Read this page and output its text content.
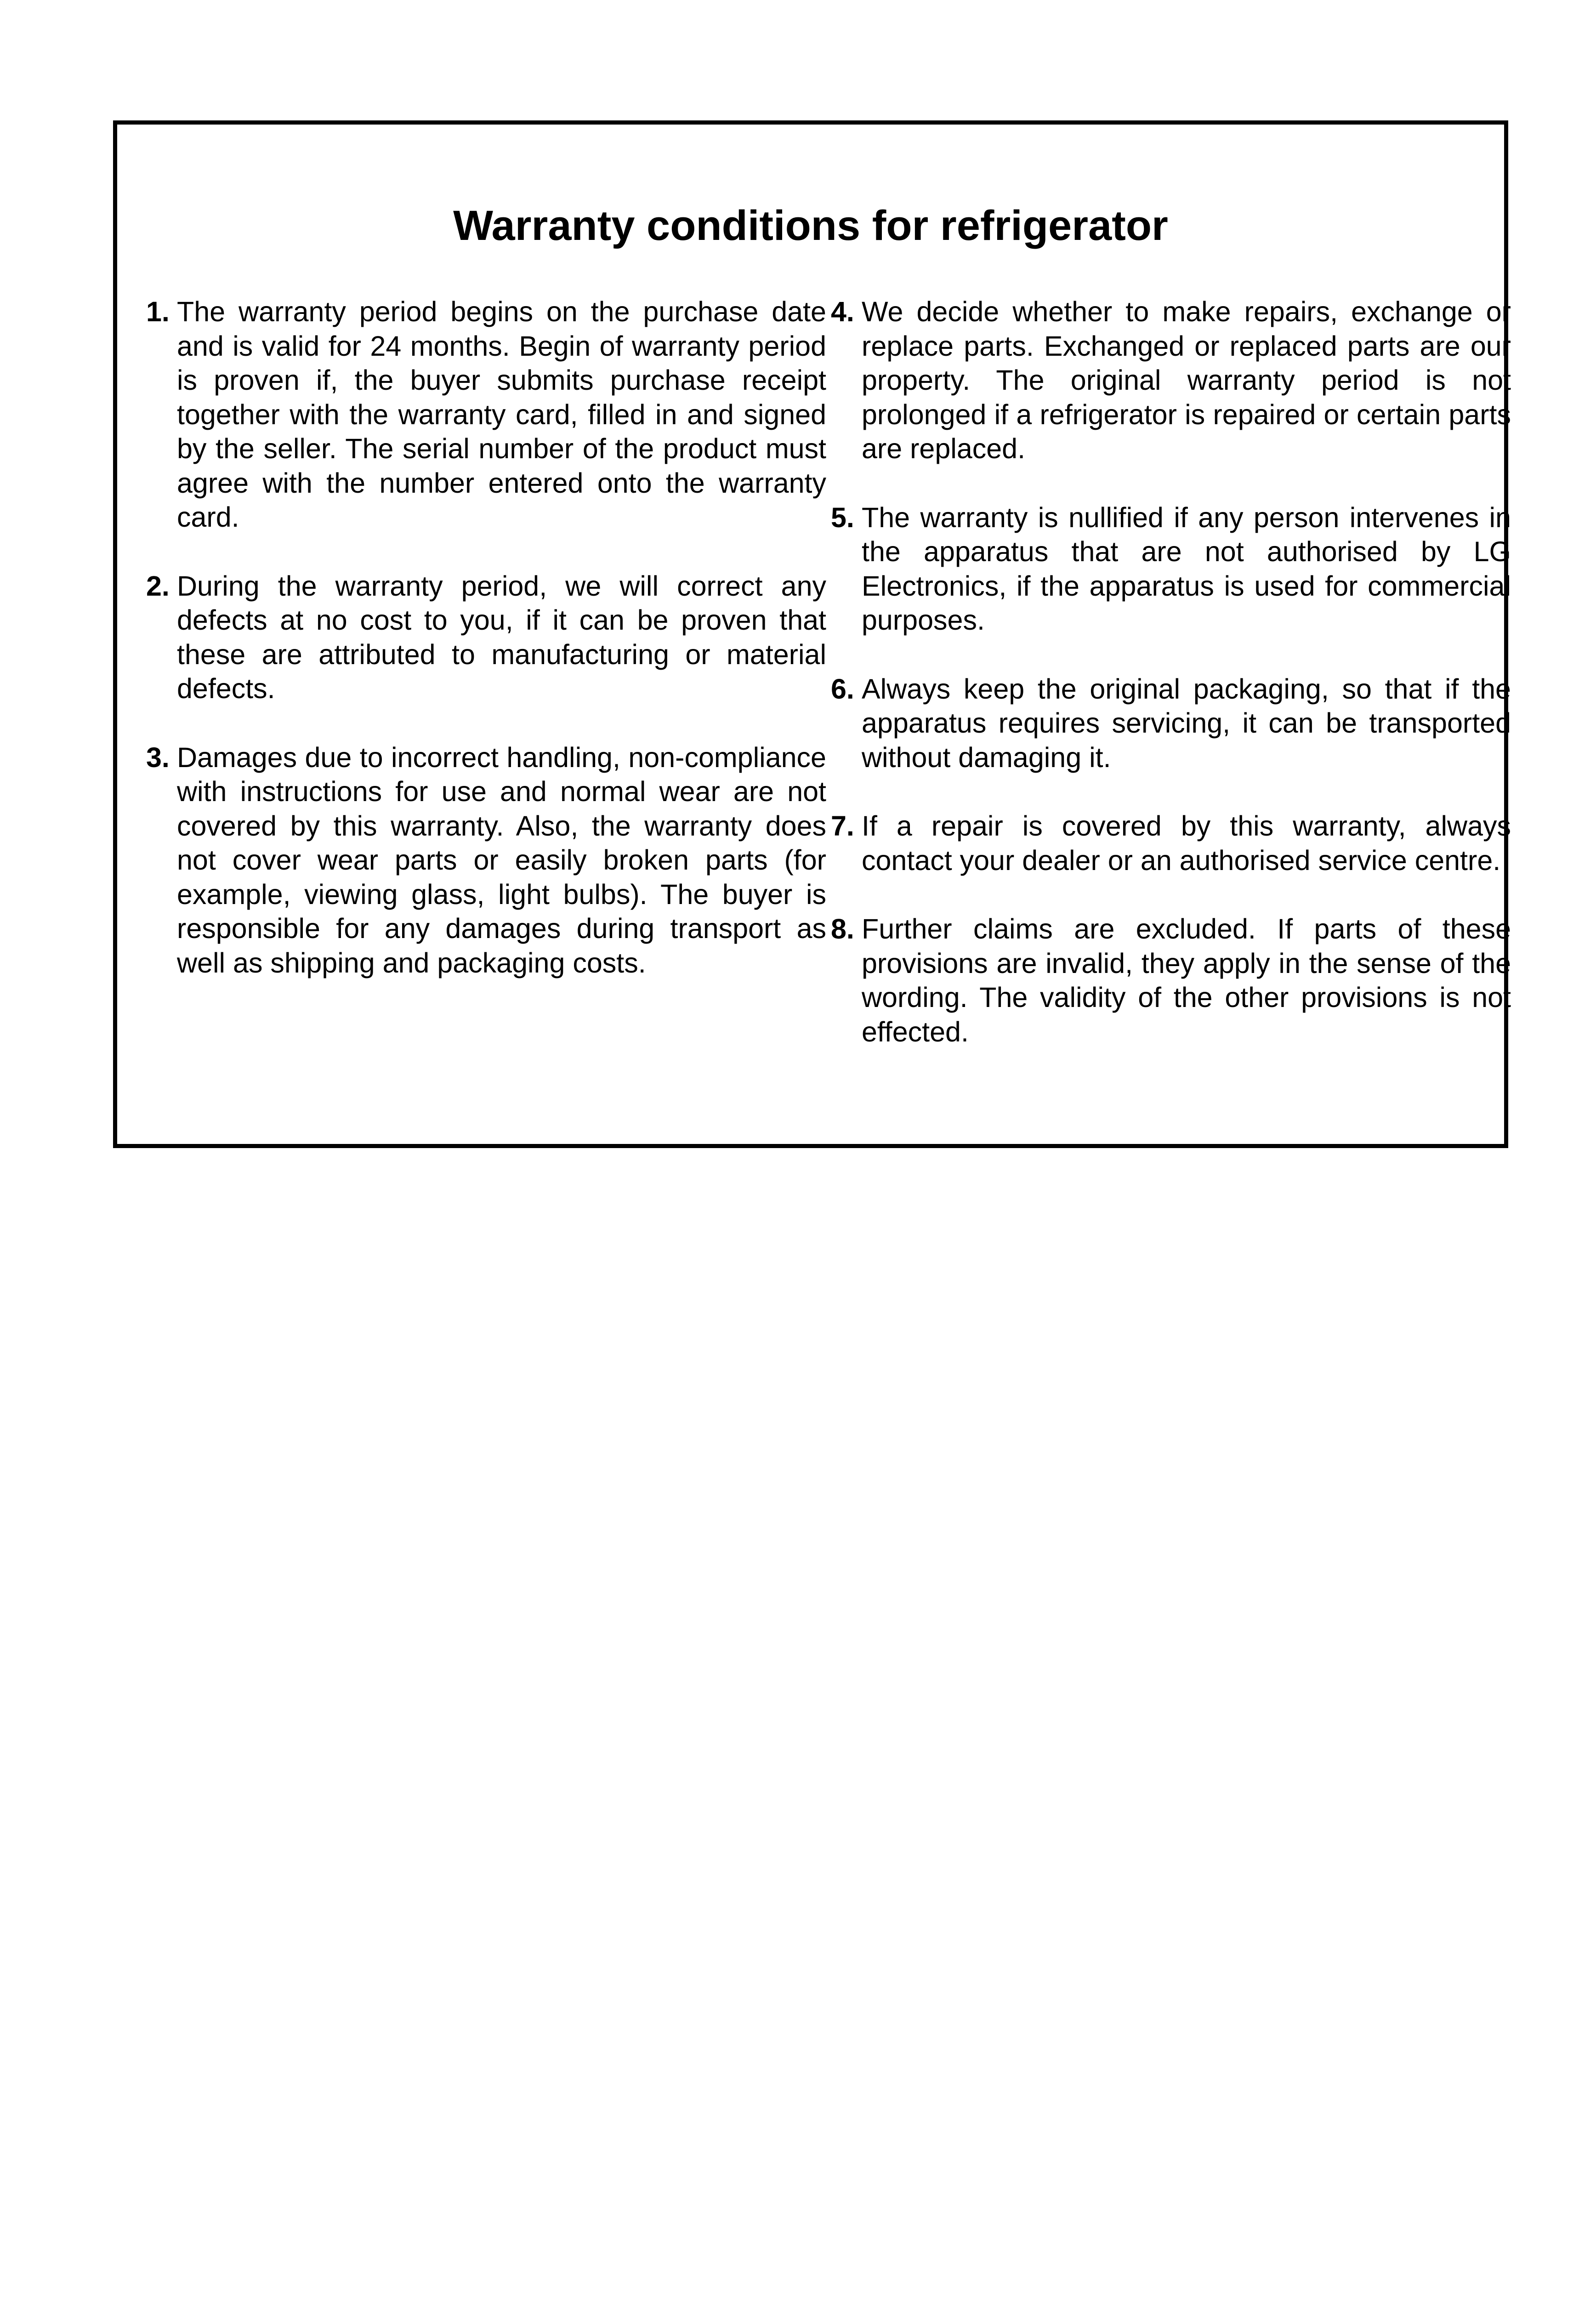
Warranty conditions for refrigerator
1. The warranty period begins on the purchase date and is valid for 24 months. Begin of warranty period is proven if, the buyer submits purchase receipt together with the warranty card, filled in and signed by the seller. The serial number of the product must agree with the number entered onto the warranty card.
2. During the warranty period, we will correct any defects at no cost to you, if it can be proven that these are attributed to manufacturing or material defects.
3. Damages due to incorrect handling, non-compliance with instructions for use and normal wear are not covered by this warranty. Also, the warranty does not cover wear parts or easily broken parts (for example, viewing glass, light bulbs). The buyer is responsible for any damages during transport as well as shipping and packaging costs.
4. We decide whether to make repairs, exchange or replace parts. Exchanged or replaced parts are our property. The original warranty period is not prolonged if a refrigerator is repaired or certain parts are replaced.
5. The warranty is nullified if any person intervenes in the apparatus that are not authorised by LG Electronics, if the apparatus is used for commercial purposes.
6. Always keep the original packaging, so that if the apparatus requires servicing, it can be transported without damaging it.
7. If a repair is covered by this warranty, always contact your dealer or an authorised service centre.
8. Further claims are excluded. If parts of these provisions are invalid, they apply in the sense of the wording. The validity of the other provisions is not effected.
